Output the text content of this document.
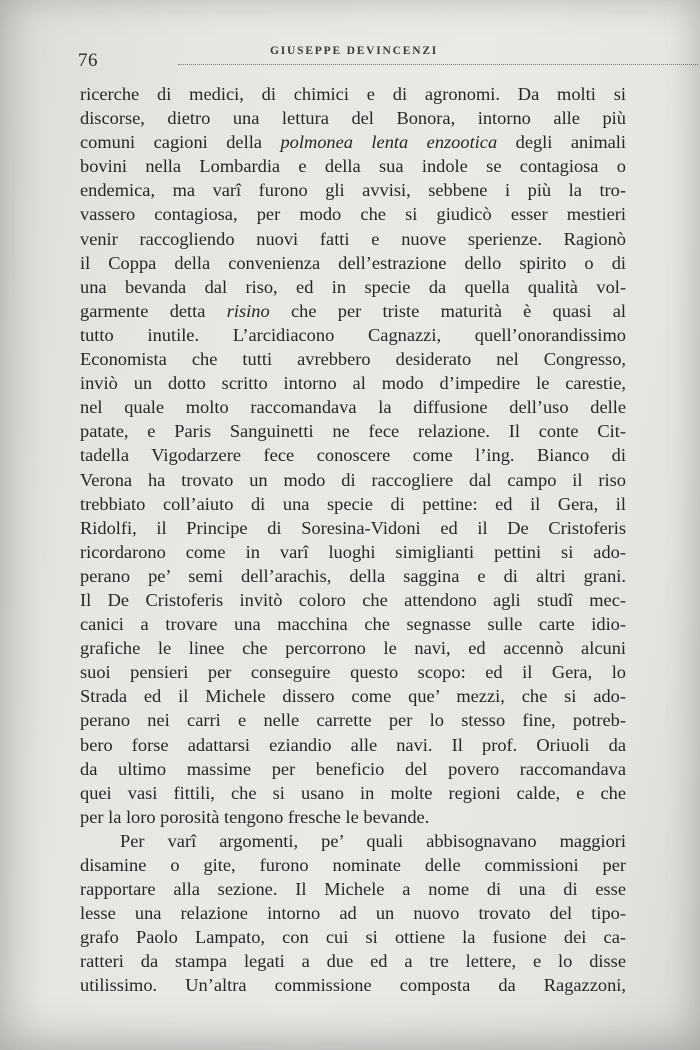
76	GIUSEPPE DEVINCENZI
ricerche di medici, di chimici e di agronomi. Da molti si
discorse, dietro una lettura del Bonora, intorno alle più
comuni cagioni della polmonea lenta enzootica degli animali
bovini nella Lombardia e della sua indole se contagiosa o
endemica, ma varî furono gli avvisi, sebbene i più la tro-
vassero contagiosa, per modo che si giudicò esser mestieri
venir raccogliendo nuovi fatti e nuove sperienze. Ragionò
il Coppa della convenienza dell’estrazione dello spirito o di
una bevanda dal riso, ed in specie da quella qualità vol-
garmente detta risino che per triste maturità è quasi al
tutto inutile. L’arcidiacono Cagnazzi, quell’onorandissimo
Economista che tutti avrebbero desiderato nel Congresso,
inviò un dotto scritto intorno al modo d’impedire le carestie,
nel quale molto raccomandava la diffusione dell’uso delle
patate, e Paris Sanguinetti ne fece relazione. Il conte Cit-
tadella Vigodarzere fece conoscere come l’ing. Bianco di
Verona ha trovato un modo di raccogliere dal campo il riso
trebbiato coll’aiuto di una specie di pettine: ed il Gera, il
Ridolfi, il Principe di Soresina-Vidoni ed il De Cristoferis
ricordarono come in varî luoghi simiglianti pettini si ado-
perano pe’ semi dell’arachis, della saggina e di altri grani.
Il De Cristoferis invitò coloro che attendono agli studî mec-
canici a trovare una macchina che segnasse sulle carte idio-
grafiche le linee che percorrono le navi, ed accennò alcuni
suoi pensieri per conseguire questo scopo: ed il Gera, lo
Strada ed il Michele dissero come que’ mezzi, che si ado-
perano nei carri e nelle carrette per lo stesso fine, potreb-
bero forse adattarsi eziandio alle navi. Il prof. Oriuoli da
da ultimo massime per beneficio del povero raccomandava
quei vasi fittili, che si usano in molte regioni calde, e che
per la loro porosità tengono fresche le bevande.
Per varî argomenti, pe’ quali abbisognavano maggiori
disamine o gite, furono nominate delle commissioni per
rapportare alla sezione. Il Michele a nome di una di esse
lesse una relazione intorno ad un nuovo trovato del tipo-
grafo Paolo Lampato, con cui si ottiene la fusione dei ca-
ratteri da stampa legati a due ed a tre lettere, e lo disse
utilissimo. Un’altra commissione composta da Ragazzoni,
